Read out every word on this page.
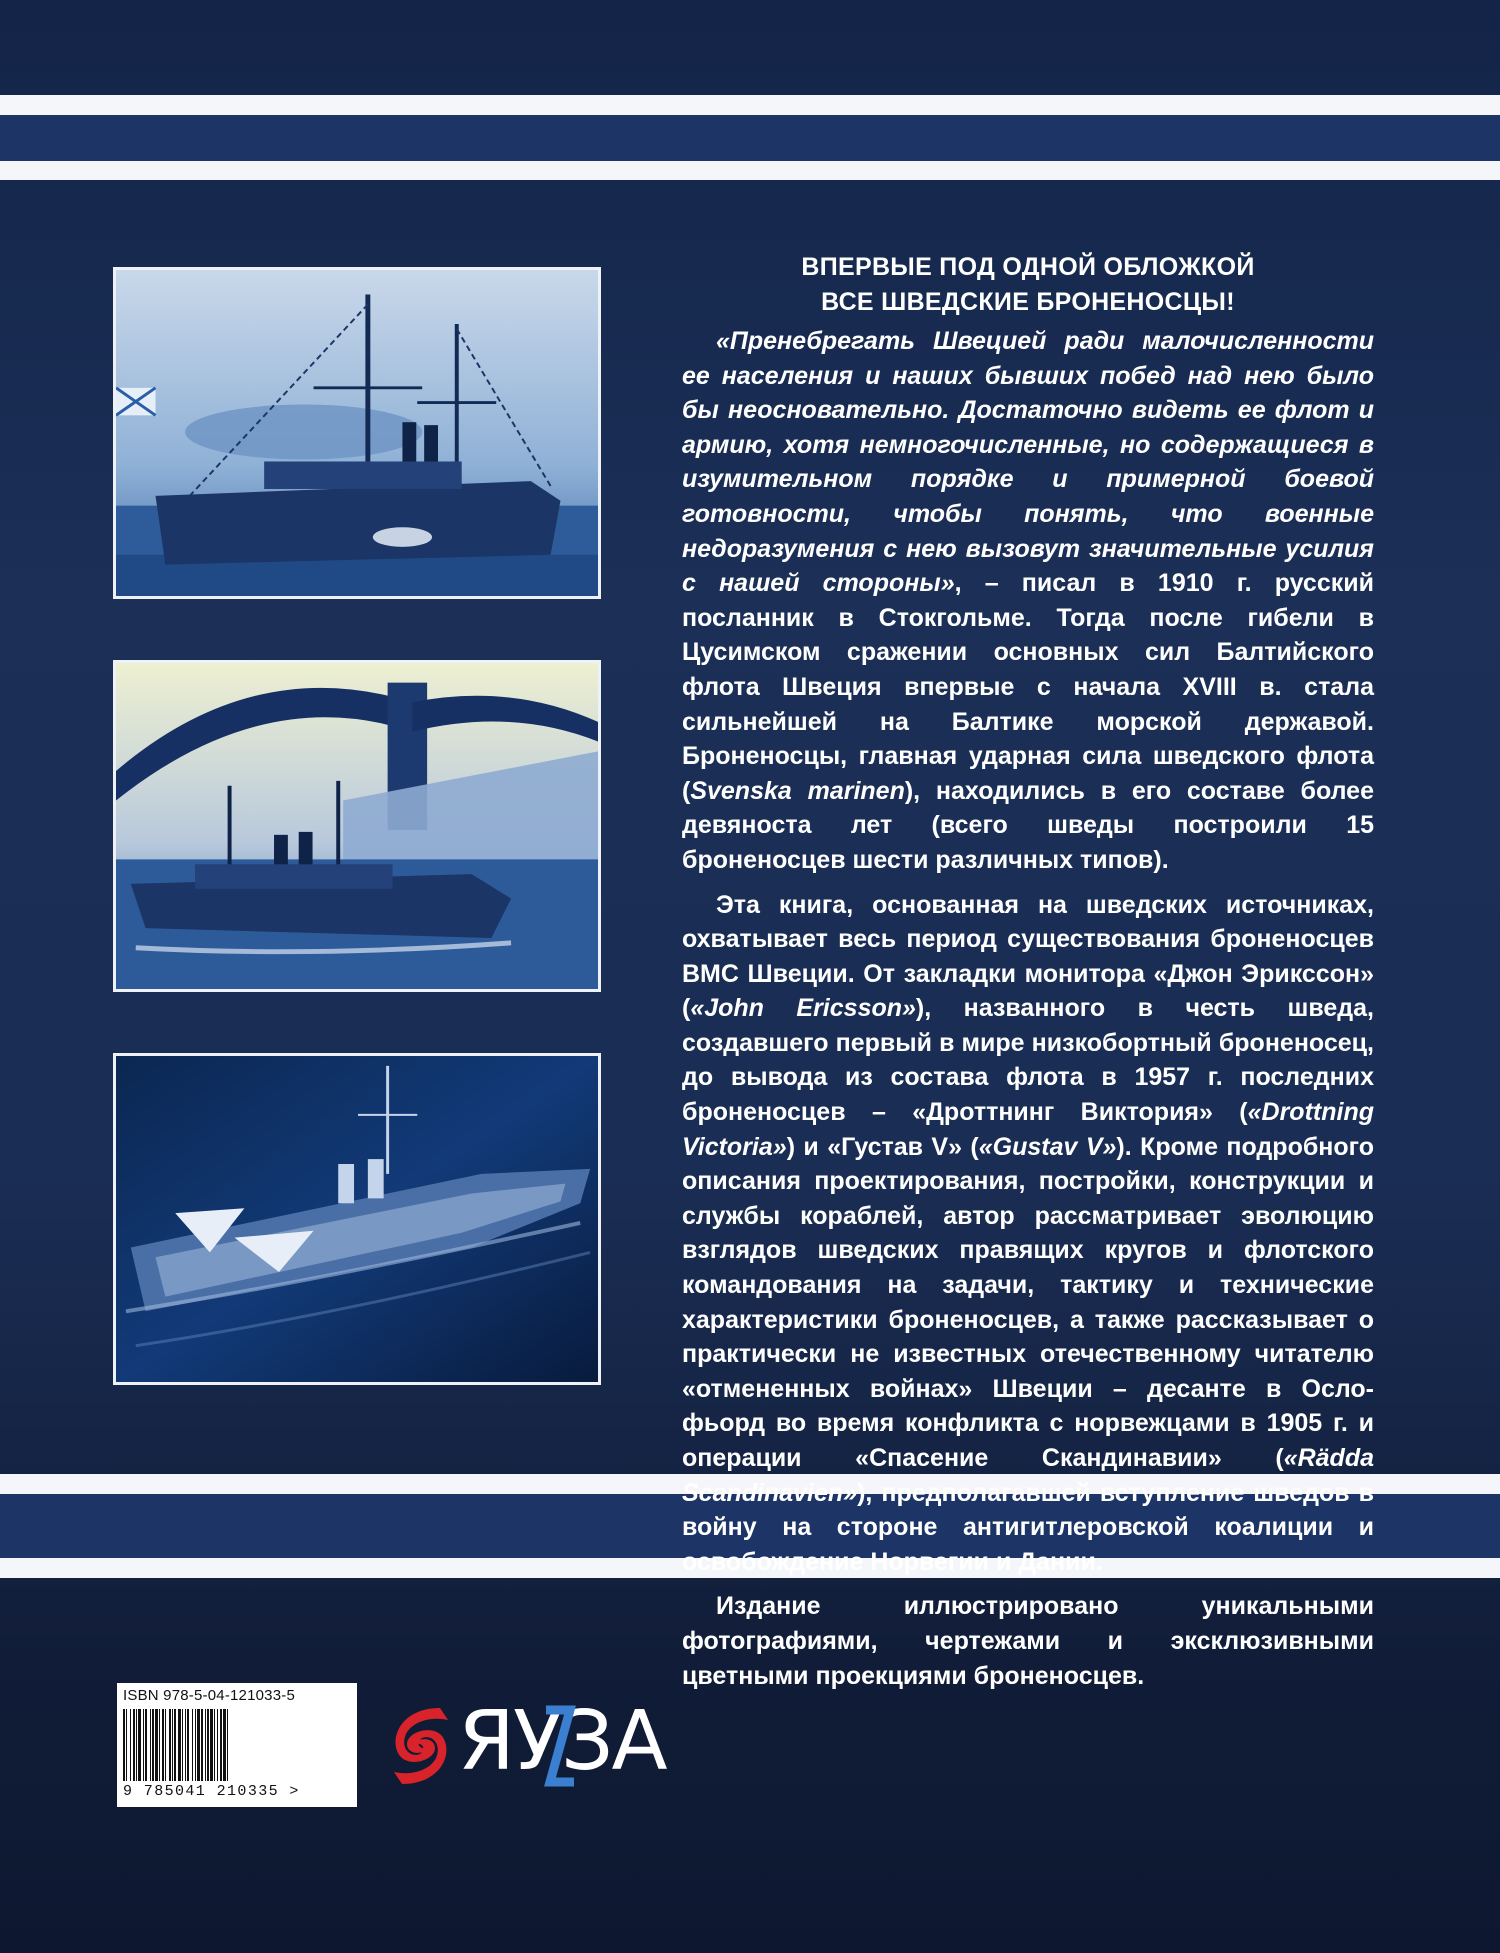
ВПЕРВЫЕ ПОД ОДНОЙ ОБЛОЖКОЙ
ВСЕ ШВЕДСКИЕ БРОНЕНОСЦЫ!

«Пренебрегать Швецией ради малочисленности ее населения и наших бывших побед над нею было бы неосновательно. Достаточно видеть ее флот и армию, хотя немногочисленные, но содержащиеся в изумительном порядке и примерной боевой готовности, чтобы понять, что военные недоразумения с нею вызовут значительные усилия с нашей стороны», – писал в 1910 г. русский посланник в Стокгольме. Тогда после гибели в Цусимском сражении основных сил Балтийского флота Швеция впервые с начала XVIII в. стала сильнейшей на Балтике морской державой. Броненосцы, главная ударная сила шведского флота (Svenska marinen), находились в его составе более девяноста лет (всего шведы построили 15 броненосцев шести различных типов).

Эта книга, основанная на шведских источниках, охватывает весь период существования броненосцев ВМС Швеции. От закладки монитора «Джон Эрикссон» («John Ericsson»), названного в честь шведа, создавшего первый в мире низкобортный броненосец, до вывода из состава флота в 1957 г. последних броненосцев – «Дроттнинг Виктория» («Drottning Victoria») и «Густав V» («Gustav V»). Кроме подробного описания проектирования, постройки, конструкции и службы кораблей, автор рассматривает эволюцию взглядов шведских правящих кругов и флотского командования на задачи, тактику и технические характеристики броненосцев, а также рассказывает о практически не известных отечественному читателю «отмененных войнах» Швеции – десанте в Осло-фьорд во время конфликта с норвежцами в 1905 г. и операции «Спасение Скандинавии» («Rädda Scandinavien»), предполагавшей вступление шведов в войну на стороне антигитлеровской коалиции и освобождение Норвегии и Дании.

Издание иллюстрировано уникальными фотографиями, чертежами и эксклюзивными цветными проекциями броненосцев.

ISBN 978-5-04-121033-5
9 785041 210335 >
ЯУЗА
